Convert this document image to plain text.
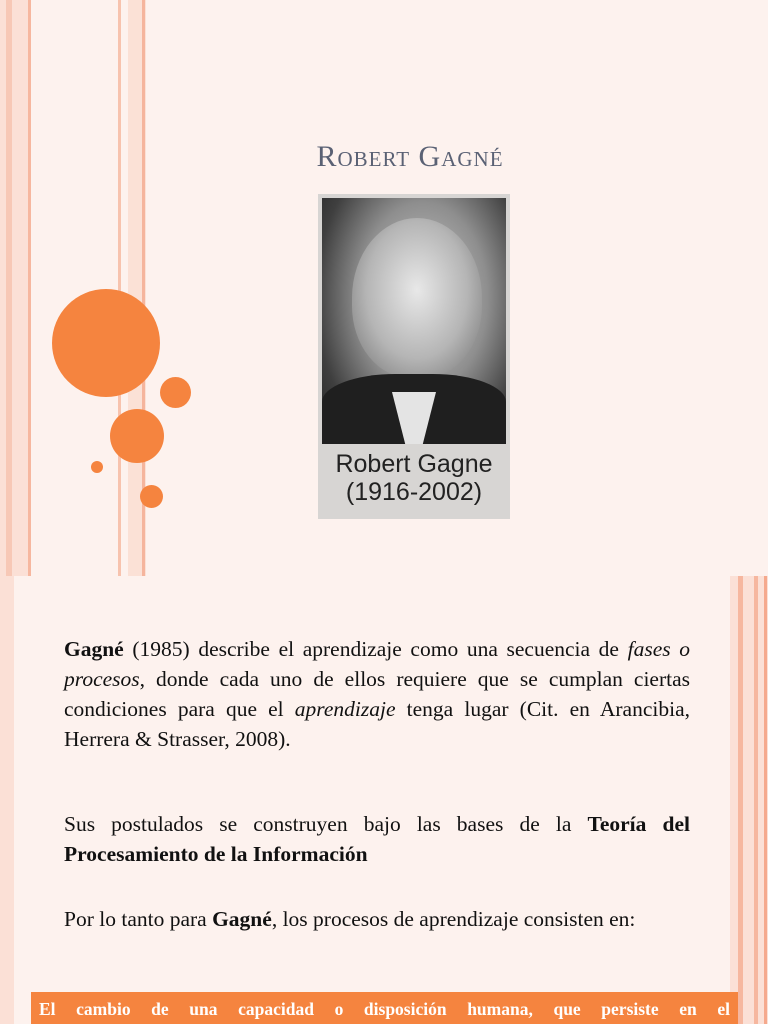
Robert Gagné
Robert Gagne
(1916-2002)
Gagné (1985) describe el aprendizaje como una secuencia de fases o procesos, donde cada uno de ellos requiere que se cumplan ciertas condiciones para que el aprendizaje tenga lugar (Cit. en Arancibia, Herrera & Strasser, 2008).
Sus postulados se construyen bajo las bases de la Teoría del Procesamiento de la Información
Por lo tanto para Gagné, los procesos de aprendizaje consisten en:
El cambio de una capacidad o disposición humana, que persiste en el
